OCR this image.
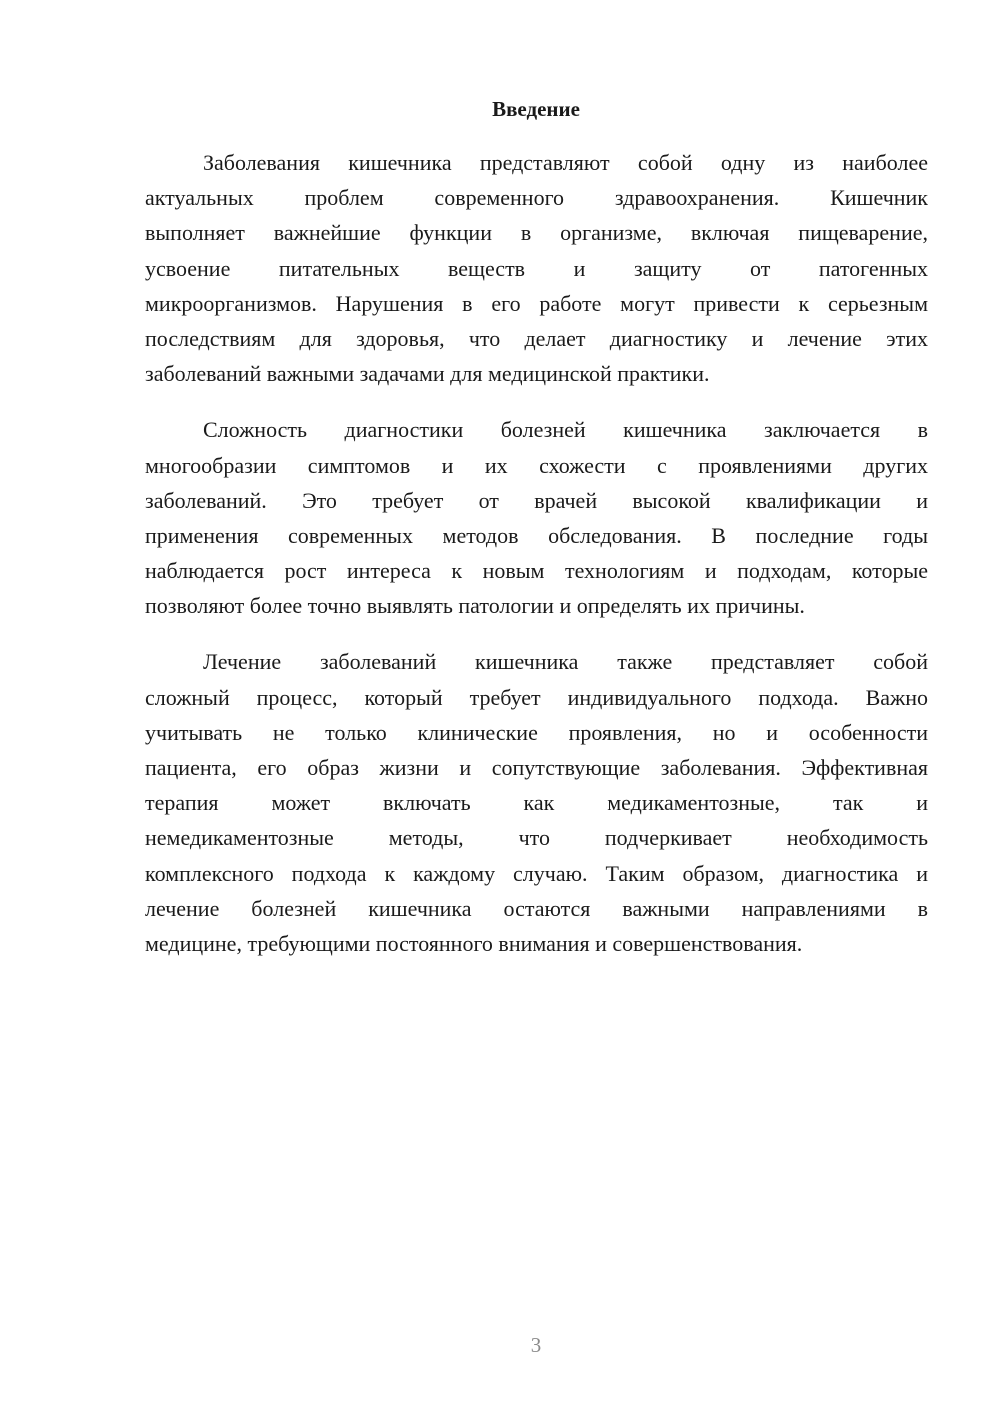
Введение
Заболевания кишечника представляют собой одну из наиболее
актуальных проблем современного здравоохранения. Кишечник
выполняет важнейшие функции в организме, включая пищеварение,
усвоение питательных веществ и защиту от патогенных
микроорганизмов. Нарушения в его работе могут привести к серьезным
последствиям для здоровья, что делает диагностику и лечение этих
заболеваний важными задачами для медицинской практики.
Сложность диагностики болезней кишечника заключается в
многообразии симптомов и их схожести с проявлениями других
заболеваний. Это требует от врачей высокой квалификации и
применения современных методов обследования. В последние годы
наблюдается рост интереса к новым технологиям и подходам, которые
позволяют более точно выявлять патологии и определять их причины.
Лечение заболеваний кишечника также представляет собой
сложный процесс, который требует индивидуального подхода. Важно
учитывать не только клинические проявления, но и особенности
пациента, его образ жизни и сопутствующие заболевания. Эффективная
терапия может включать как медикаментозные, так и
немедикаментозные методы, что подчеркивает необходимость
комплексного подхода к каждому случаю. Таким образом, диагностика и
лечение болезней кишечника остаются важными направлениями в
медицине, требующими постоянного внимания и совершенствования.
3
